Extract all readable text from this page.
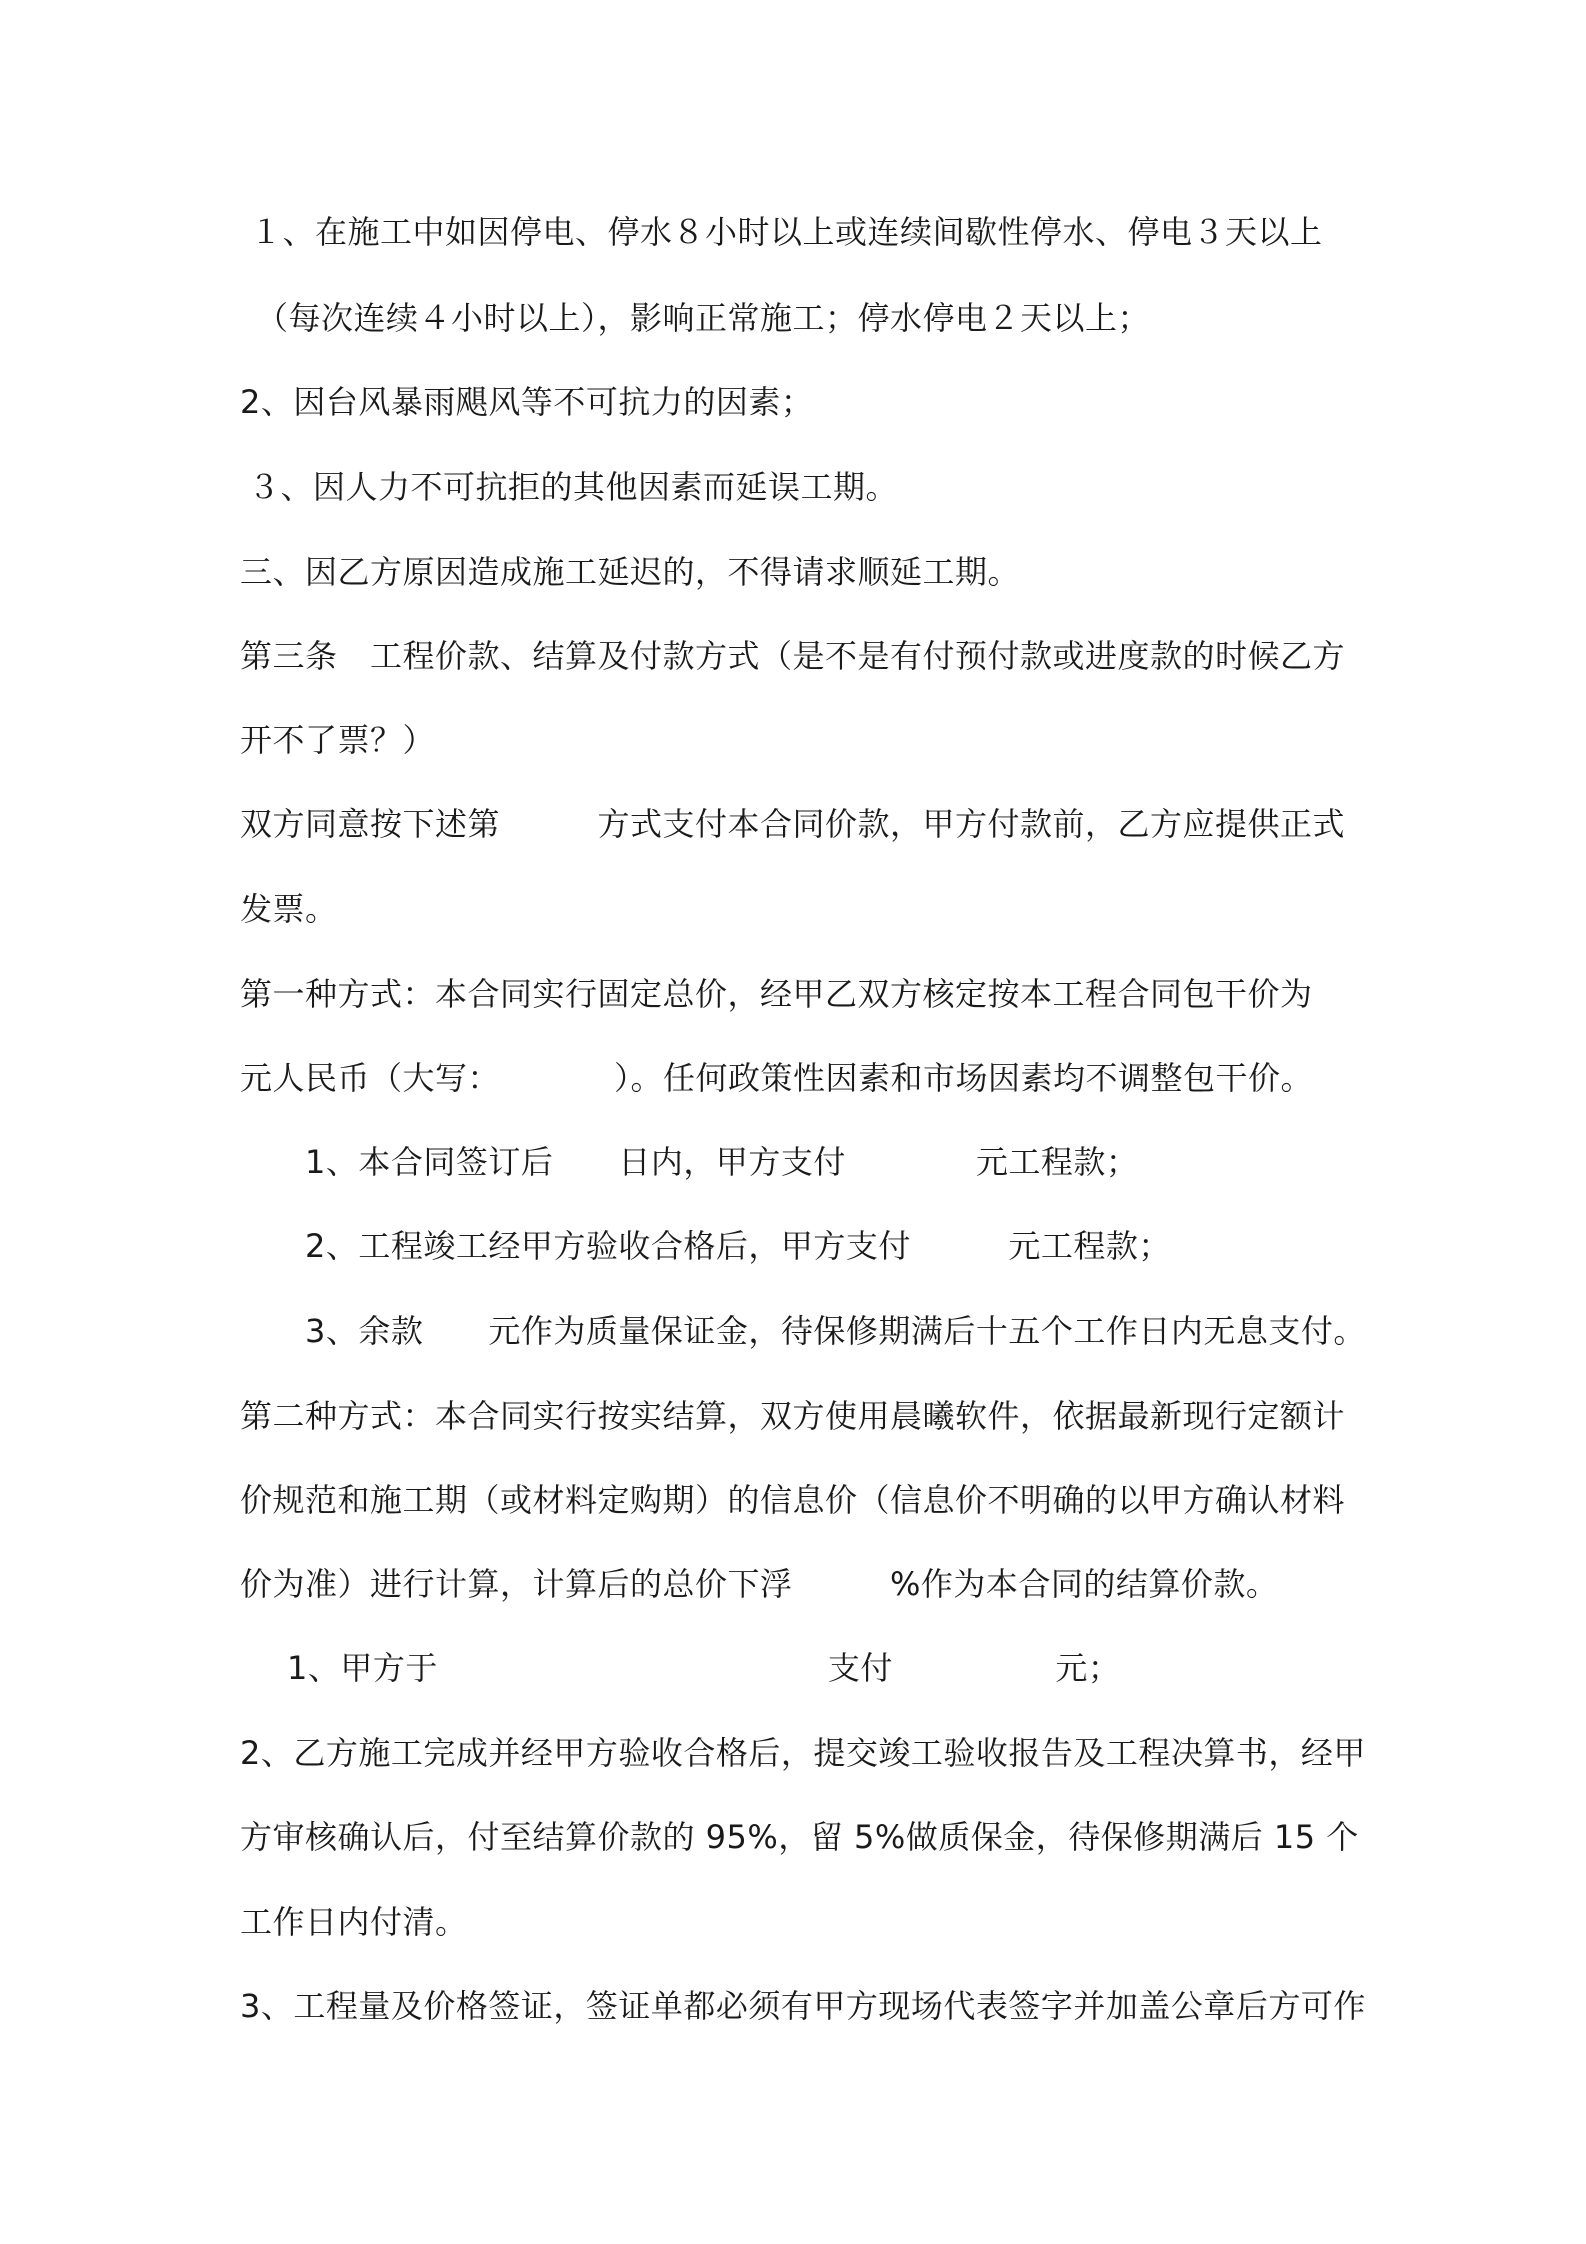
１、在施工中如因停电、停水８小时以上或连续间歇性停水、停电３天以上
（每次连续４小时以上），影响正常施工；停水停电２天以上；
2、因台风暴雨飓风等不可抗力的因素；
３、因人力不可抗拒的其他因素而延误工期。
三、因乙方原因造成施工延迟的，不得请求顺延工期。
第三条　工程价款、结算及付款方式（是不是有付预付款或进度款的时候乙方
开不了票？）
双方同意按下述第　　　方式支付本合同价款，甲方付款前，乙方应提供正式
发票。
第一种方式：本合同实行固定总价，经甲乙双方核定按本工程合同包干价为
元人民币（大写：　　　　）。任何政策性因素和市场因素均不调整包干价。
1、本合同签订后　　日内，甲方支付　　　　元工程款；
2、工程竣工经甲方验收合格后，甲方支付　　　元工程款；
3、余款　　元作为质量保证金，待保修期满后十五个工作日内无息支付。
第二种方式：本合同实行按实结算，双方使用晨曦软件，依据最新现行定额计
价规范和施工期（或材料定购期）的信息价（信息价不明确的以甲方确认材料
价为准）进行计算，计算后的总价下浮　　　%作为本合同的结算价款。
1、甲方于　　　　　　　　　　　　支付　　　　　元；
2、乙方施工完成并经甲方验收合格后，提交竣工验收报告及工程决算书，经甲
方审核确认后，付至结算价款的 95%，留 5%做质保金，待保修期满后 15 个
工作日内付清。
3、工程量及价格签证，签证单都必须有甲方现场代表签字并加盖公章后方可作
